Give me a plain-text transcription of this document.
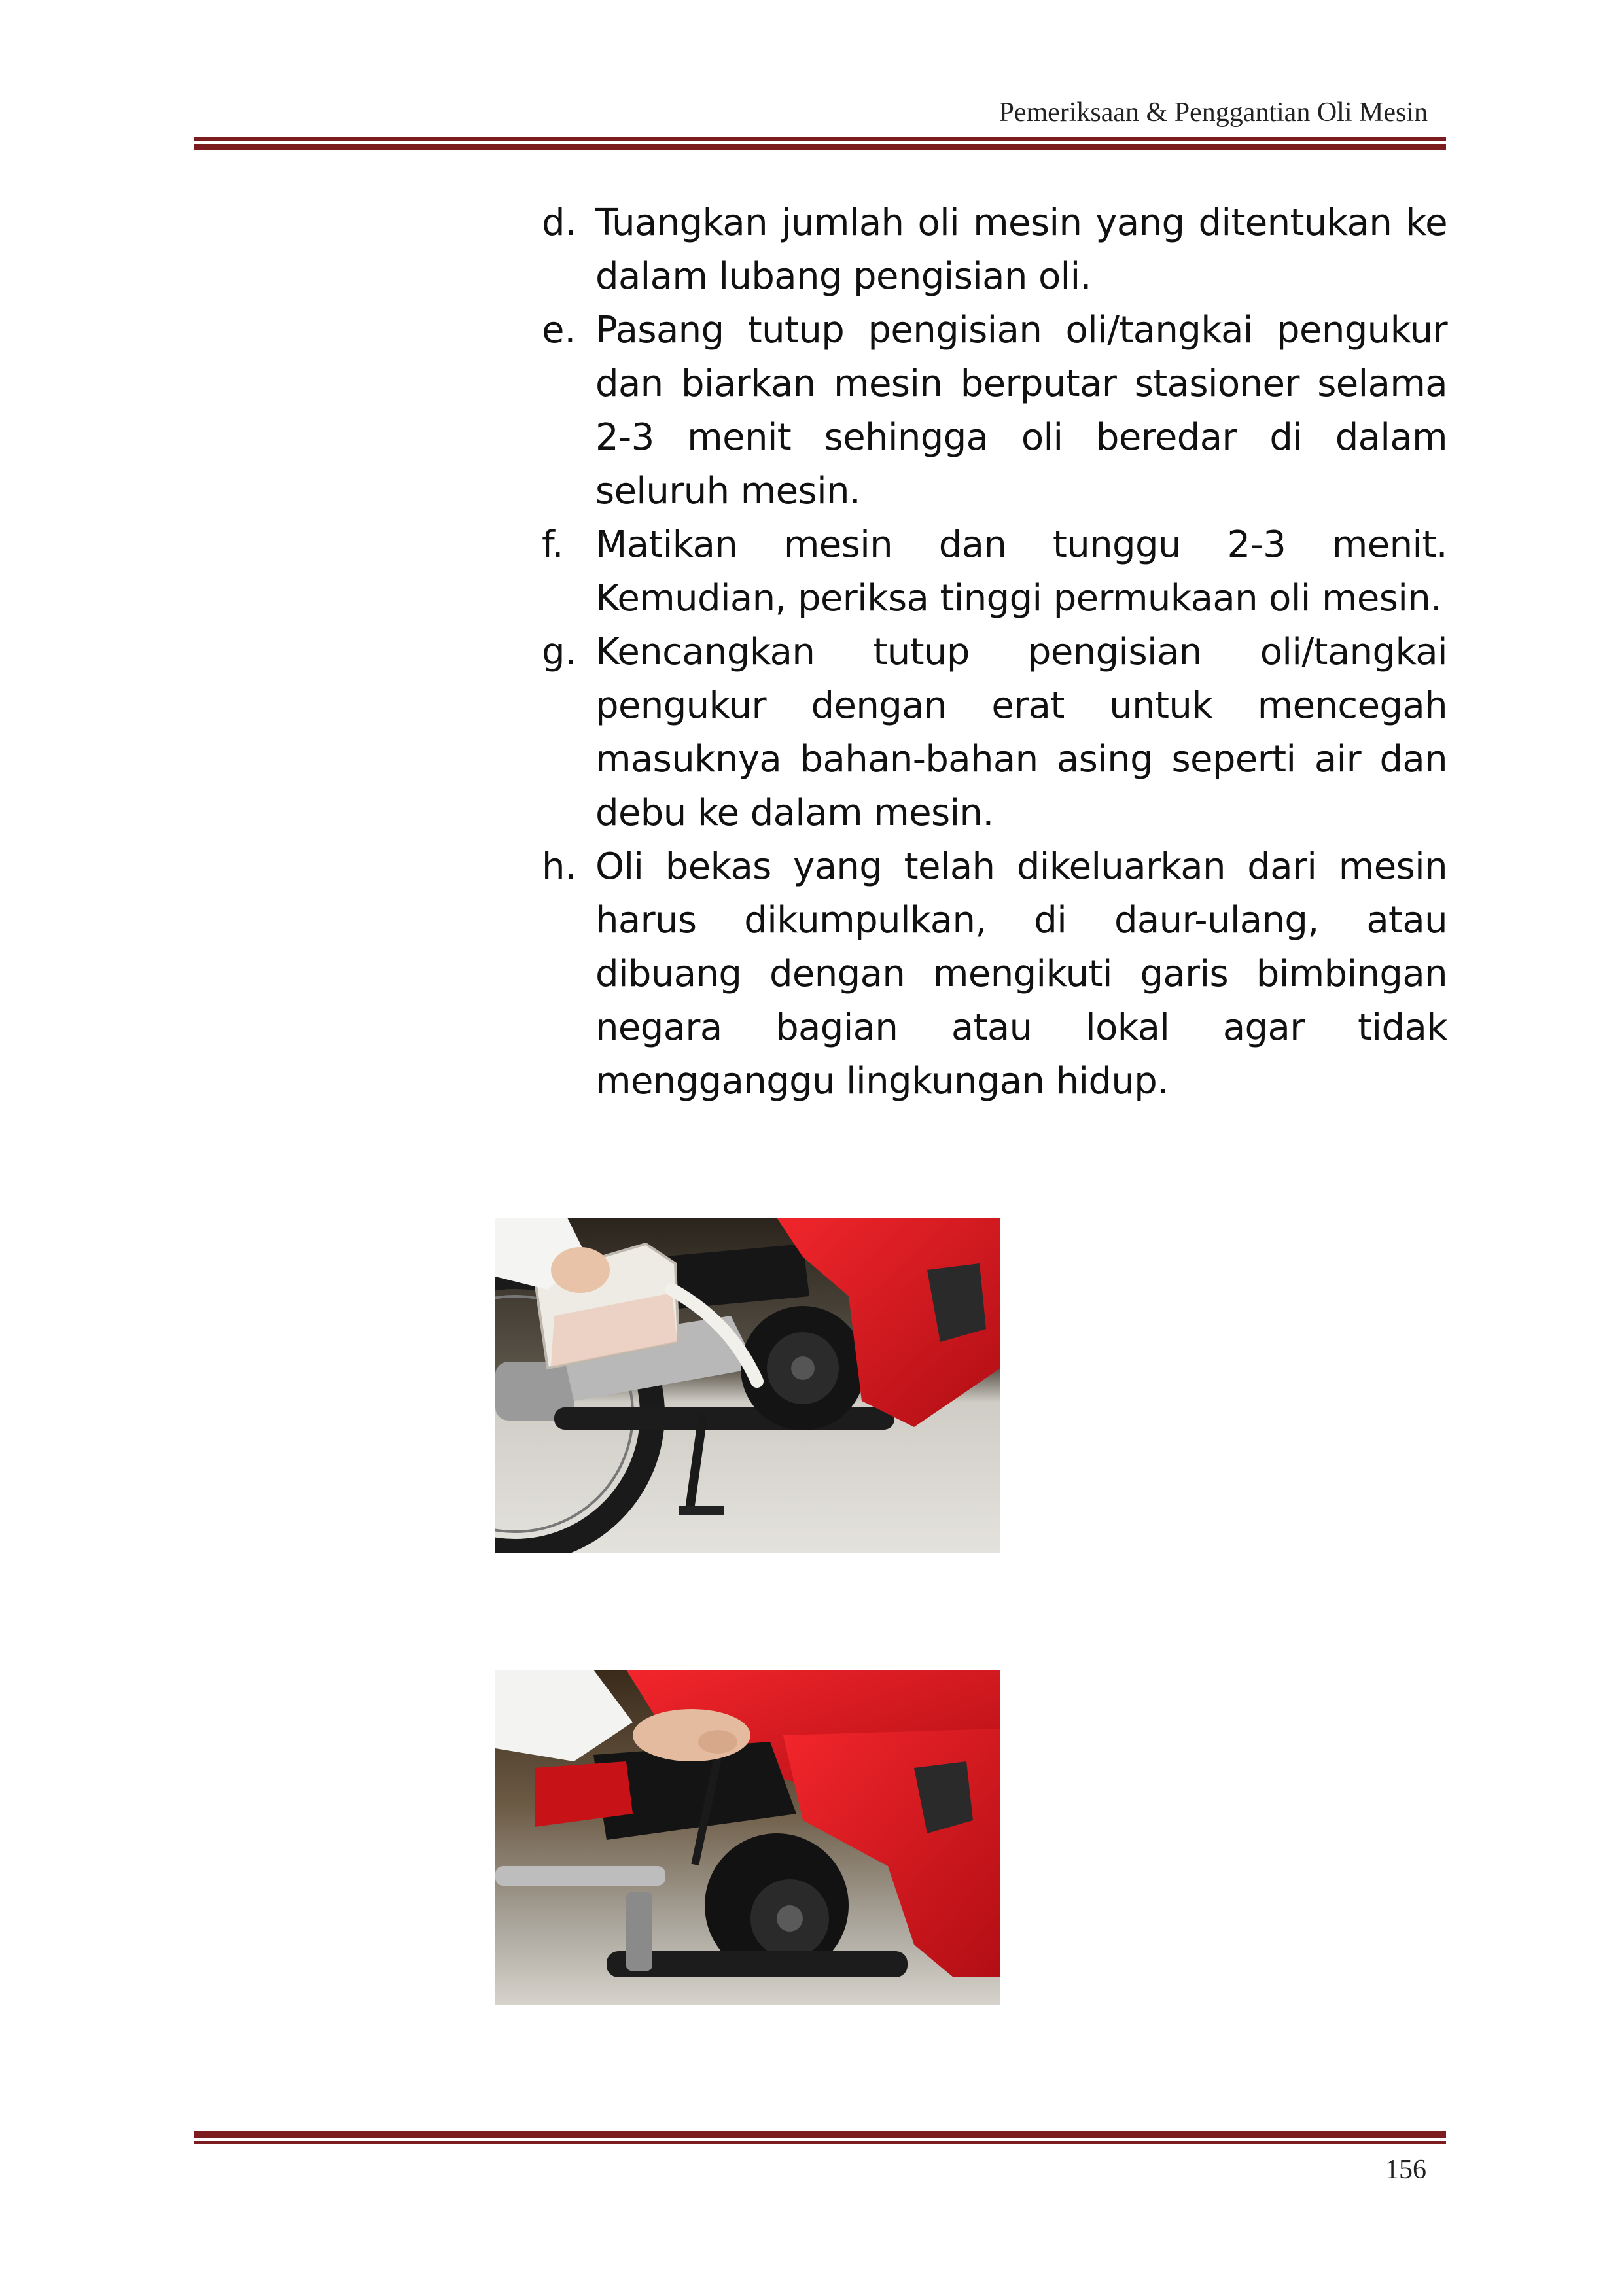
Pemeriksaan & Penggantian Oli Mesin
d. Tuangkan jumlah oli mesin yang ditentukan ke dalam lubang pengisian oli.
e. Pasang tutup pengisian oli/tangkai pengukur dan biarkan mesin berputar stasioner selama 2-3 menit sehingga oli beredar di dalam seluruh mesin.
f. Matikan mesin dan tunggu 2-3 menit. Kemudian, periksa tinggi permukaan oli mesin.
g. Kencangkan tutup pengisian oli/tangkai pengukur dengan erat untuk mencegah masuknya bahan-bahan asing seperti air dan debu ke dalam mesin.
h. Oli bekas yang telah dikeluarkan dari mesin harus dikumpulkan, di daur-ulang, atau dibuang dengan mengikuti garis bimbingan negara bagian atau lokal agar tidak mengganggu lingkungan hidup.
156
